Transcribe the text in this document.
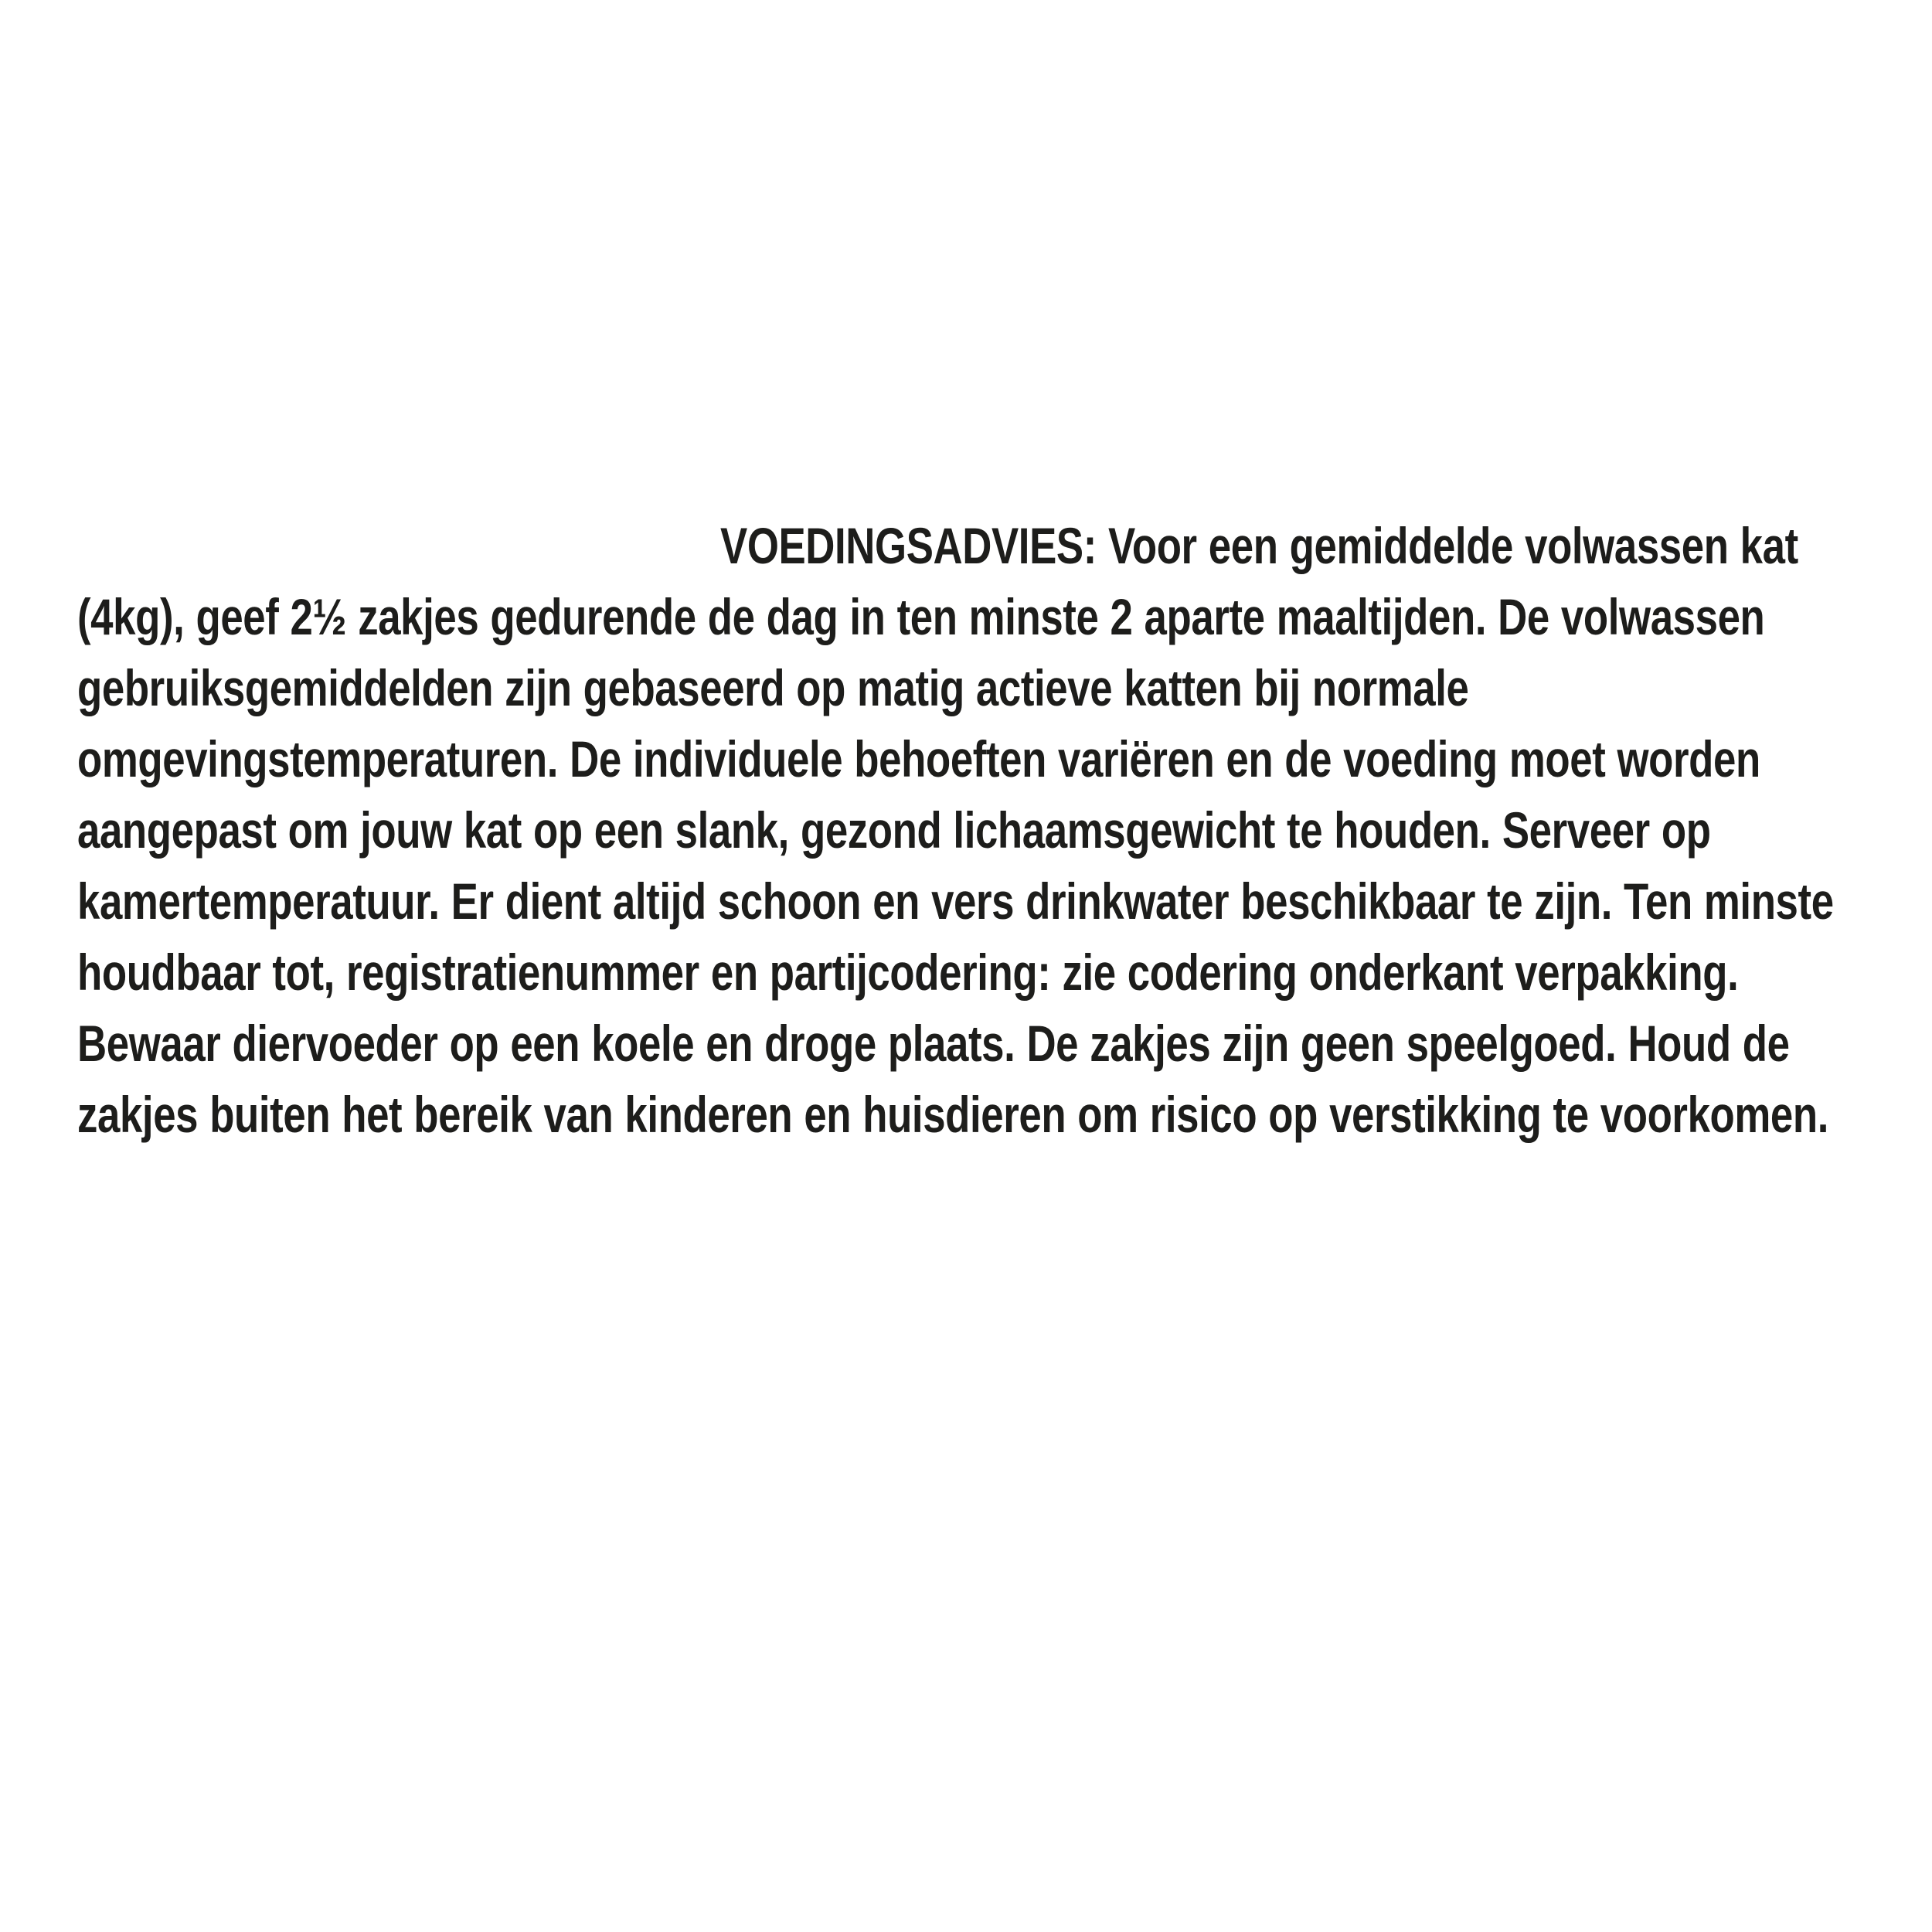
VOEDINGSADVIES: Voor een gemiddelde volwassen kat (4kg), geef 2½ zakjes gedurende de dag in ten minste 2 aparte maaltijden. De volwassen gebruiksgemiddelden zijn gebaseerd op matig actieve katten bij normale omgevingstemperaturen. De individuele behoeften variëren en de voeding moet worden aangepast om jouw kat op een slank, gezond lichaamsgewicht te houden. Serveer op kamertemperatuur. Er dient altijd schoon en vers drinkwater beschikbaar te zijn. Ten minste houdbaar tot, registratienummer en partijcodering: zie codering onderkant verpakking. Bewaar diervoeder op een koele en droge plaats. De zakjes zijn geen speelgoed. Houd de zakjes buiten het bereik van kinderen en huisdieren om risico op verstikking te voorkomen.
